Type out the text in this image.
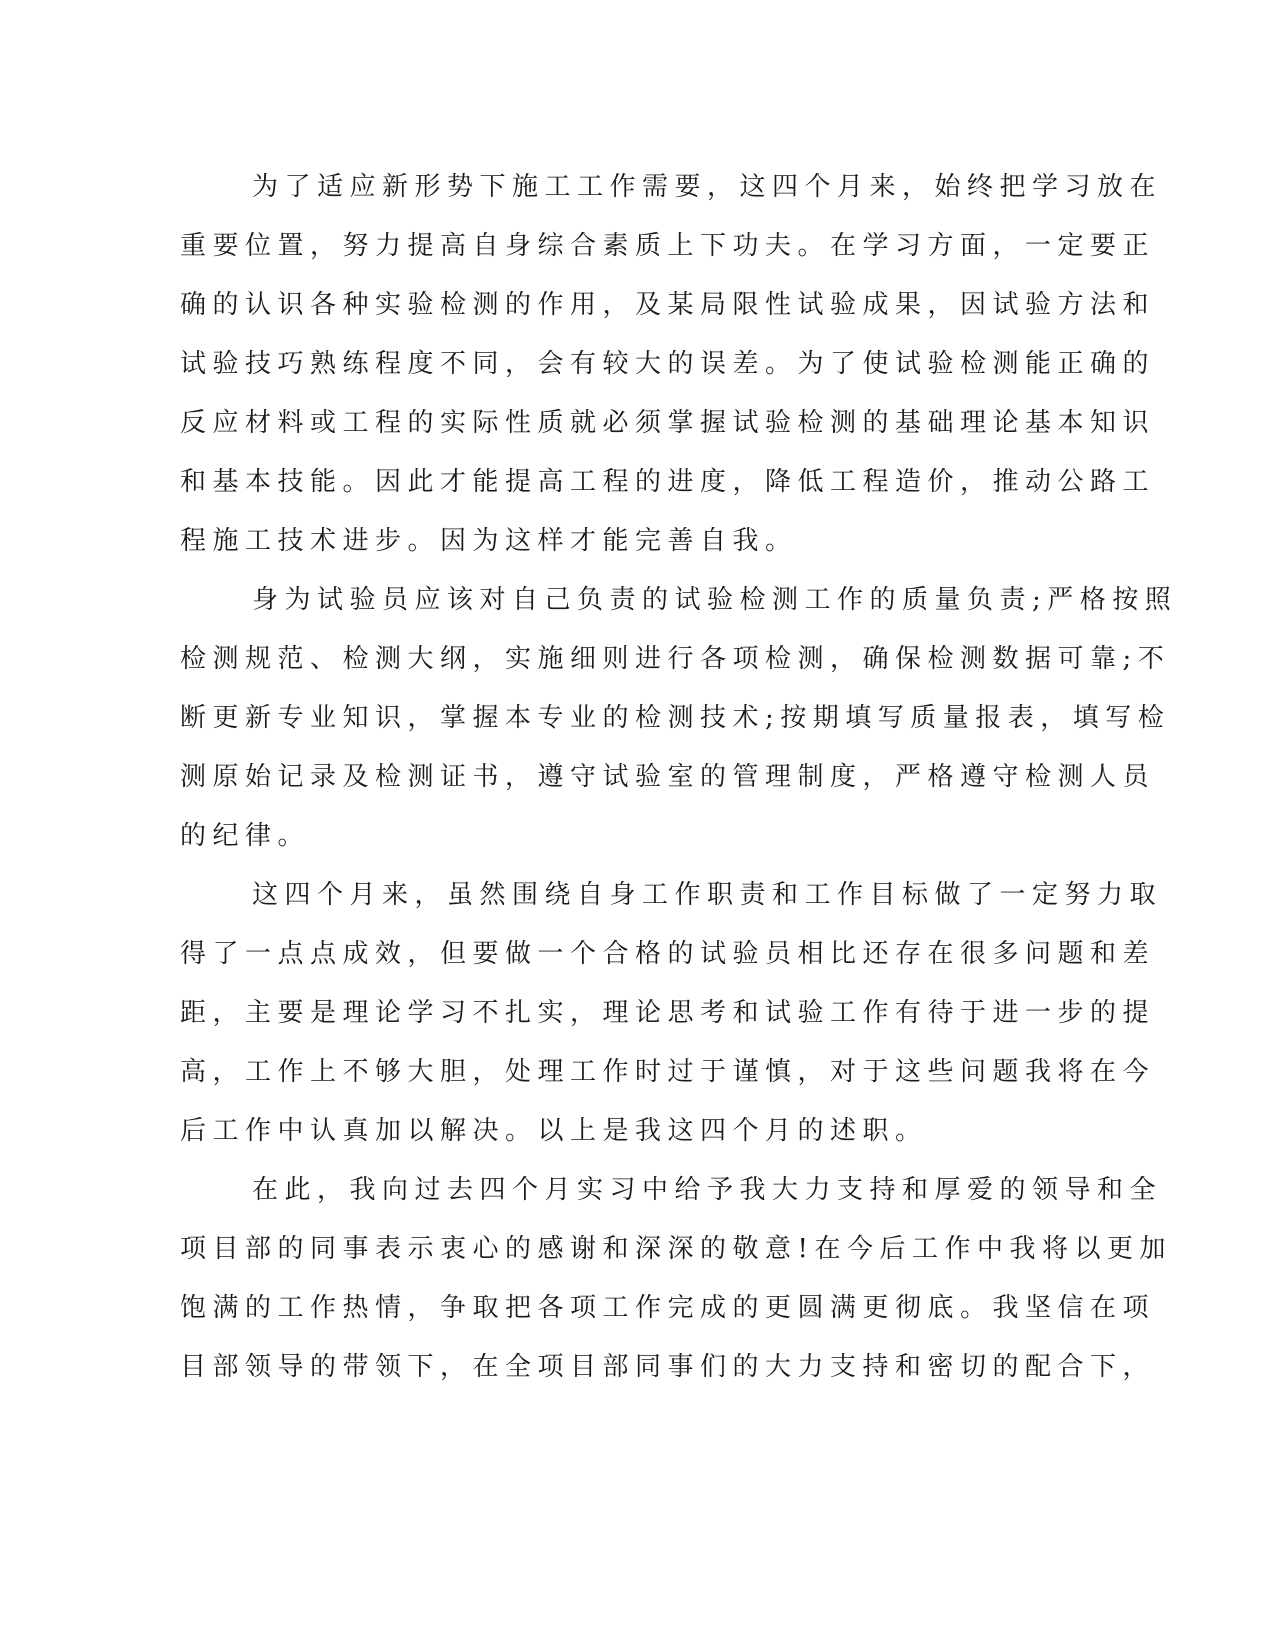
为了适应新形势下施工工作需要，这四个月来，始终把学习放在
重要位置，努力提高自身综合素质上下功夫。在学习方面，一定要正
确的认识各种实验检测的作用，及某局限性试验成果，因试验方法和
试验技巧熟练程度不同，会有较大的误差。为了使试验检测能正确的
反应材料或工程的实际性质就必须掌握试验检测的基础理论基本知识
和基本技能。因此才能提高工程的进度，降低工程造价，推动公路工
程施工技术进步。因为这样才能完善自我。
身为试验员应该对自己负责的试验检测工作的质量负责;严格按照
检测规范、检测大纲，实施细则进行各项检测，确保检测数据可靠;不
断更新专业知识，掌握本专业的检测技术;按期填写质量报表，填写检
测原始记录及检测证书，遵守试验室的管理制度，严格遵守检测人员
的纪律。
这四个月来，虽然围绕自身工作职责和工作目标做了一定努力取
得了一点点成效，但要做一个合格的试验员相比还存在很多问题和差
距，主要是理论学习不扎实，理论思考和试验工作有待于进一步的提
高，工作上不够大胆，处理工作时过于谨慎，对于这些问题我将在今
后工作中认真加以解决。以上是我这四个月的述职。
在此，我向过去四个月实习中给予我大力支持和厚爱的领导和全
项目部的同事表示衷心的感谢和深深的敬意!在今后工作中我将以更加
饱满的工作热情，争取把各项工作完成的更圆满更彻底。我坚信在项
目部领导的带领下，在全项目部同事们的大力支持和密切的配合下，
